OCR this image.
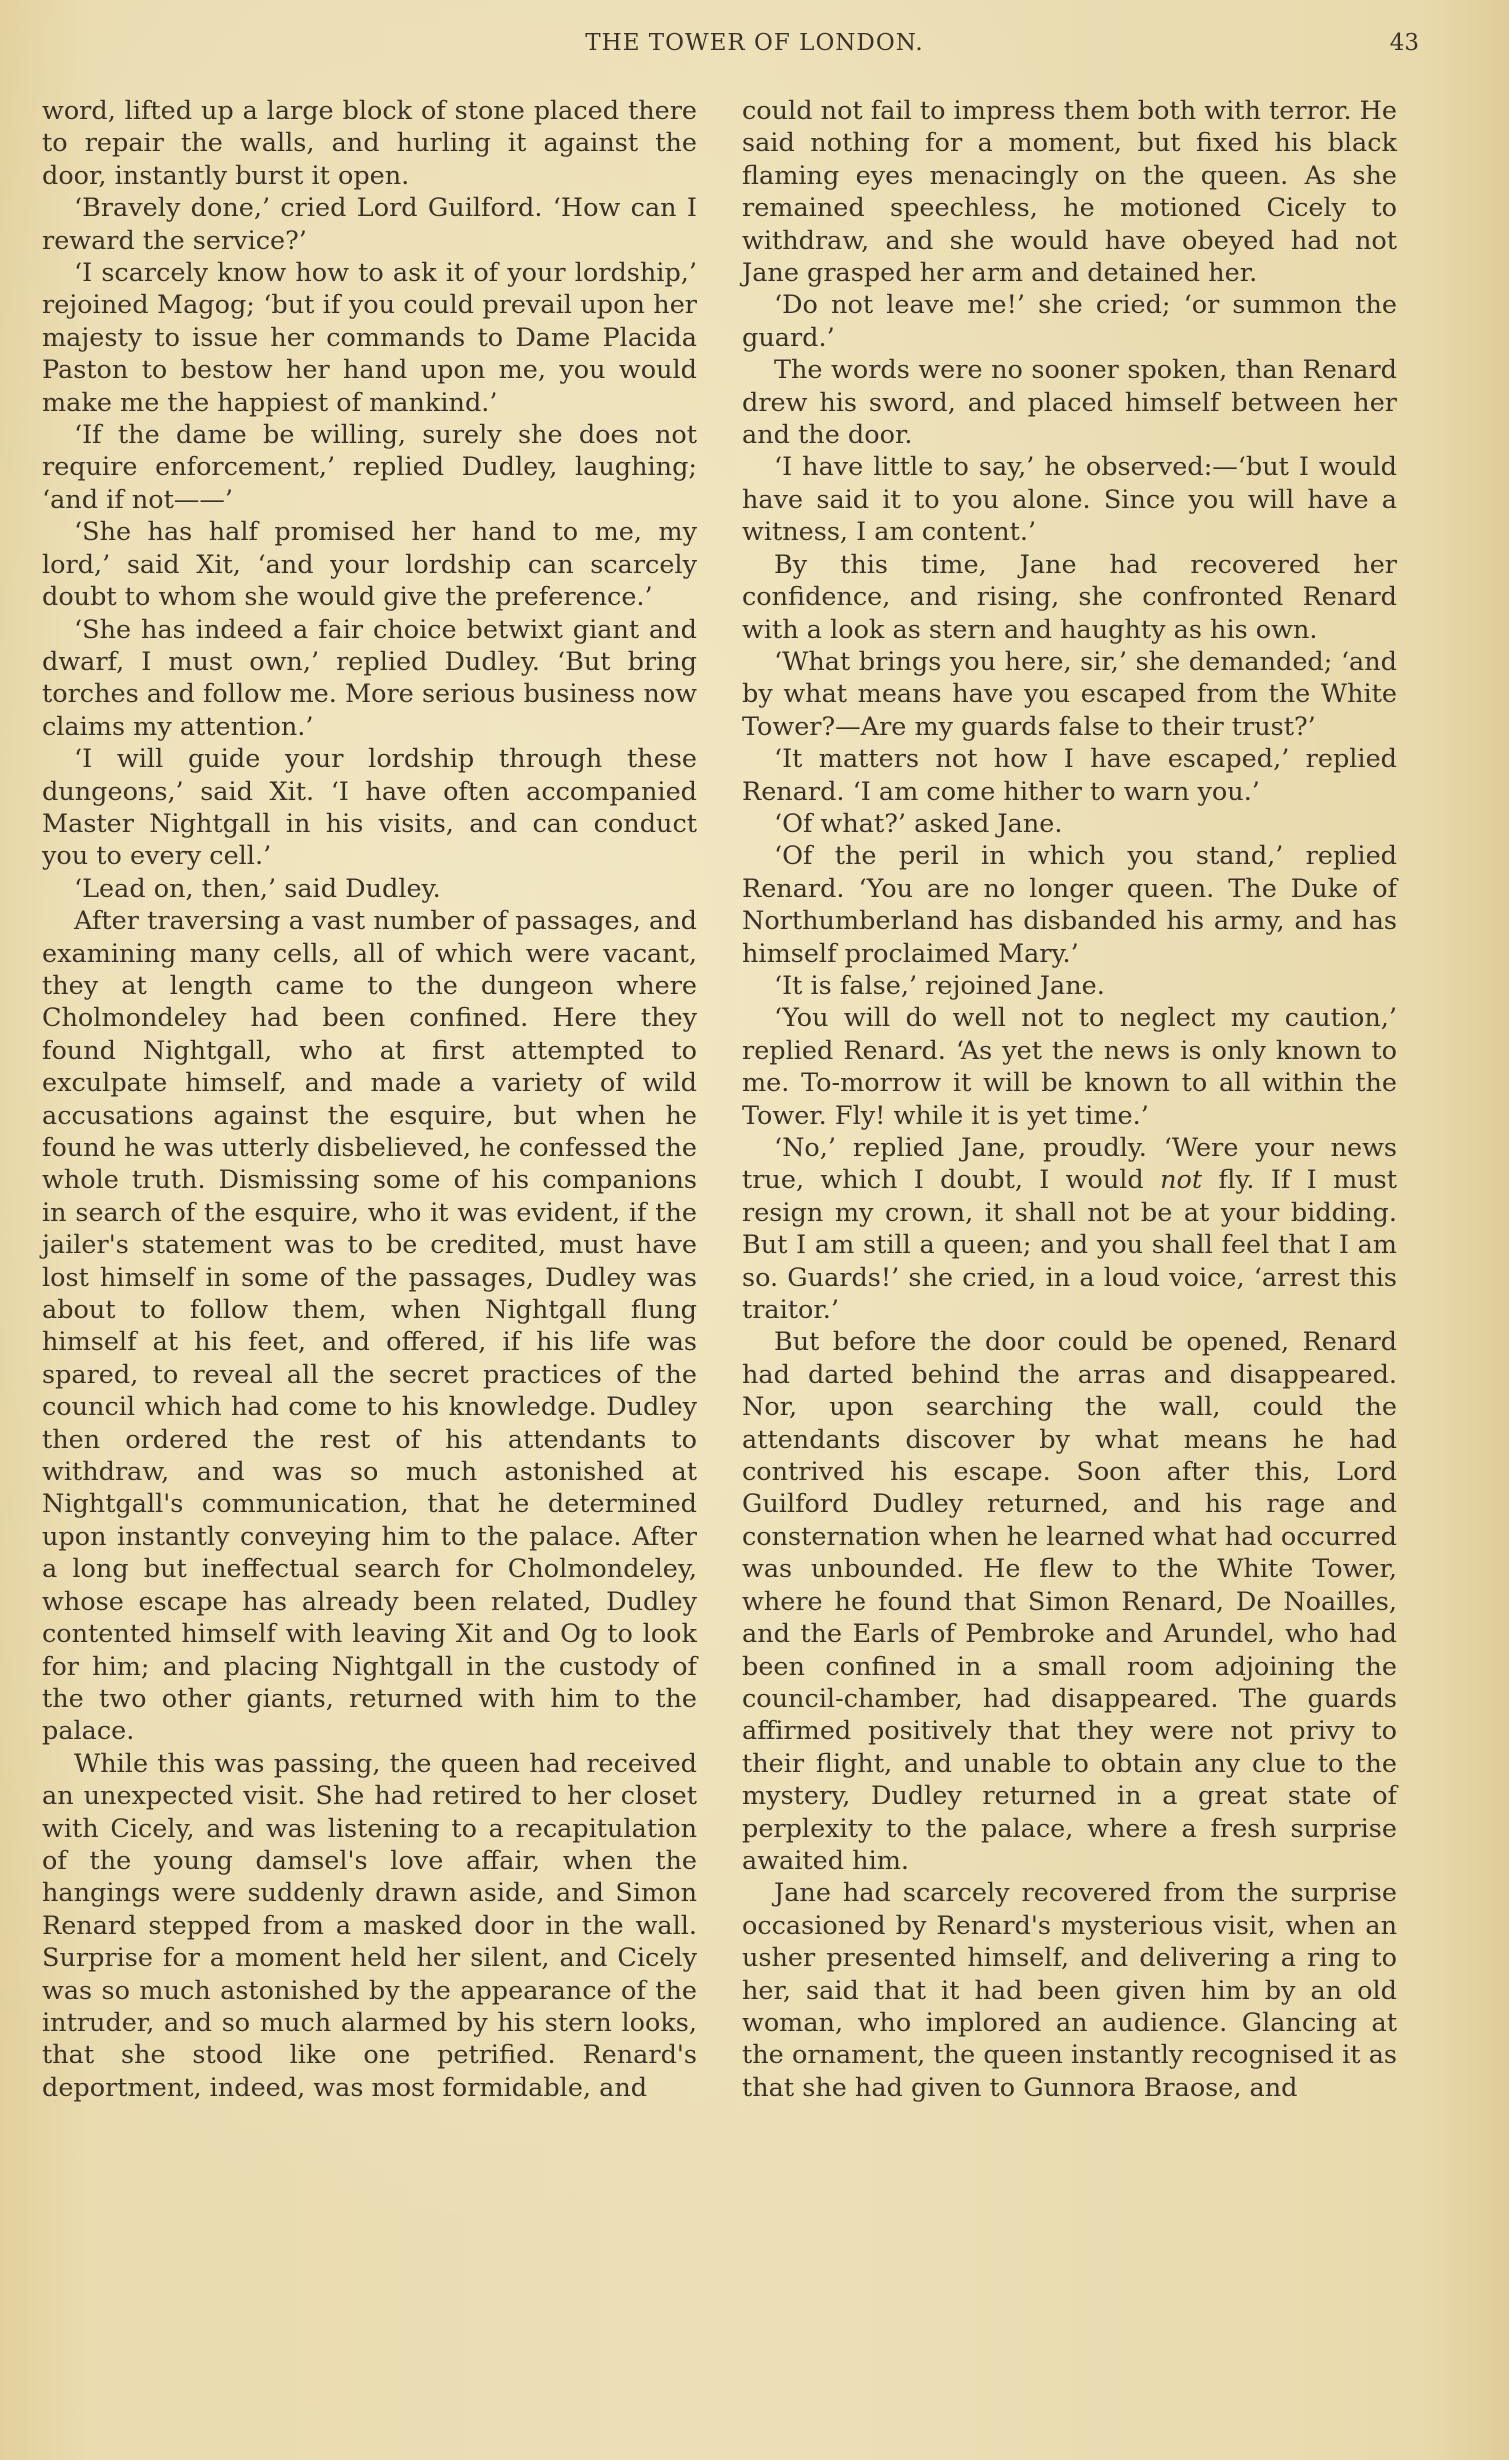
THE TOWER OF LONDON.	43

word, lifted up a large block of stone placed there to repair the walls, and hurling it against the door, instantly burst it open.

‘Bravely done,’ cried Lord Guilford. ‘How can I reward the service?’

‘I scarcely know how to ask it of your lordship,’ rejoined Magog; ‘but if you could prevail upon her majesty to issue her commands to Dame Placida Paston to bestow her hand upon me, you would make me the happiest of mankind.’

‘If the dame be willing, surely she does not require enforcement,’ replied Dudley, laughing; ‘and if not——’

‘She has half promised her hand to me, my lord,’ said Xit, ‘and your lordship can scarcely doubt to whom she would give the preference.’

‘She has indeed a fair choice betwixt giant and dwarf, I must own,’ replied Dudley. ‘But bring torches and follow me. More serious business now claims my attention.’

‘I will guide your lordship through these dungeons,’ said Xit. ‘I have often accompanied Master Nightgall in his visits, and can conduct you to every cell.’

‘Lead on, then,’ said Dudley.

After traversing a vast number of passages, and examining many cells, all of which were vacant, they at length came to the dungeon where Cholmondeley had been confined. Here they found Nightgall, who at first attempted to exculpate himself, and made a variety of wild accusations against the esquire, but when he found he was utterly disbelieved, he confessed the whole truth. Dismissing some of his companions in search of the esquire, who it was evident, if the jailer's statement was to be credited, must have lost himself in some of the passages, Dudley was about to follow them, when Nightgall flung himself at his feet, and offered, if his life was spared, to reveal all the secret practices of the council which had come to his knowledge. Dudley then ordered the rest of his attendants to withdraw, and was so much astonished at Nightgall's communication, that he determined upon instantly conveying him to the palace. After a long but ineffectual search for Cholmondeley, whose escape has already been related, Dudley contented himself with leaving Xit and Og to look for him; and placing Nightgall in the custody of the two other giants, returned with him to the palace.

While this was passing, the queen had received an unexpected visit. She had retired to her closet with Cicely, and was listening to a recapitulation of the young damsel's love affair, when the hangings were suddenly drawn aside, and Simon Renard stepped from a masked door in the wall. Surprise for a moment held her silent, and Cicely was so much astonished by the appearance of the intruder, and so much alarmed by his stern looks, that she stood like one petrified. Renard's deportment, indeed, was most formidable, and

could not fail to impress them both with terror. He said nothing for a moment, but fixed his black flaming eyes menacingly on the queen. As she remained speechless, he motioned Cicely to withdraw, and she would have obeyed had not Jane grasped her arm and detained her.

‘Do not leave me!’ she cried; ‘or summon the guard.’

The words were no sooner spoken, than Renard drew his sword, and placed himself between her and the door.

‘I have little to say,’ he observed:—‘but I would have said it to you alone. Since you will have a witness, I am content.’

By this time, Jane had recovered her confidence, and rising, she confronted Renard with a look as stern and haughty as his own.

‘What brings you here, sir,’ she demanded; ‘and by what means have you escaped from the White Tower?—Are my guards false to their trust?’

‘It matters not how I have escaped,’ replied Renard. ‘I am come hither to warn you.’

‘Of what?’ asked Jane.

‘Of the peril in which you stand,’ replied Renard. ‘You are no longer queen. The Duke of Northumberland has disbanded his army, and has himself proclaimed Mary.’

‘It is false,’ rejoined Jane.

‘You will do well not to neglect my caution,’ replied Renard. ‘As yet the news is only known to me. To-morrow it will be known to all within the Tower. Fly! while it is yet time.’

‘No,’ replied Jane, proudly. ‘Were your news true, which I doubt, I would not fly. If I must resign my crown, it shall not be at your bidding. But I am still a queen; and you shall feel that I am so. Guards!’ she cried, in a loud voice, ‘arrest this traitor.’

But before the door could be opened, Renard had darted behind the arras and disappeared. Nor, upon searching the wall, could the attendants discover by what means he had contrived his escape. Soon after this, Lord Guilford Dudley returned, and his rage and consternation when he learned what had occurred was unbounded. He flew to the White Tower, where he found that Simon Renard, De Noailles, and the Earls of Pembroke and Arundel, who had been confined in a small room adjoining the council-chamber, had disappeared. The guards affirmed positively that they were not privy to their flight, and unable to obtain any clue to the mystery, Dudley returned in a great state of perplexity to the palace, where a fresh surprise awaited him.

Jane had scarcely recovered from the surprise occasioned by Renard's mysterious visit, when an usher presented himself, and delivering a ring to her, said that it had been given him by an old woman, who implored an audience. Glancing at the ornament, the queen instantly recognised it as that she had given to Gunnora Braose, and
